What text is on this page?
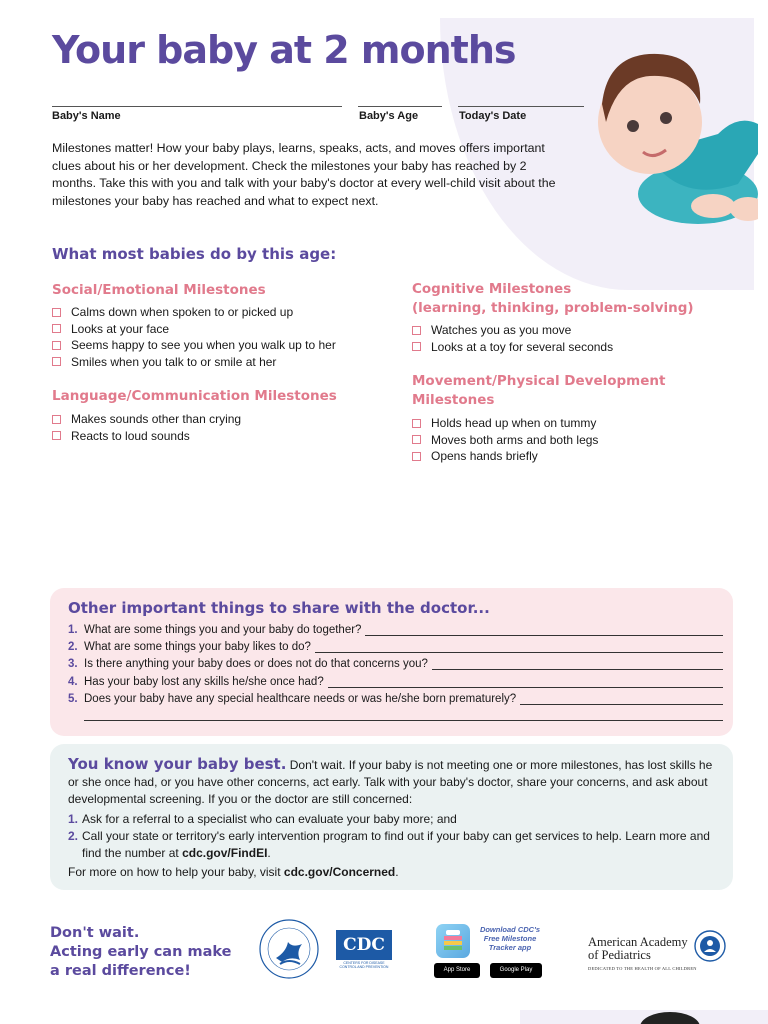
Your baby at 2 months
Baby's Name	Baby's Age	Today's Date

Milestones matter! How your baby plays, learns, speaks, acts, and moves offers important clues about his or her development. Check the milestones your baby has reached by 2 months. Take this with you and talk with your baby's doctor at every well-child visit about the milestones your baby has reached and what to expect next.

What most babies do by this age:
Social/Emotional Milestones
Calms down when spoken to or picked up
Looks at your face
Seems happy to see you when you walk up to her
Smiles when you talk to or smile at her
Language/Communication Milestones
Makes sounds other than crying
Reacts to loud sounds
Cognitive Milestones
(learning, thinking, problem-solving)
Watches you as you move
Looks at a toy for several seconds
Movement/Physical Development
Milestones
Holds head up when on tummy
Moves both arms and both legs
Opens hands briefly
Other important things to share with the doctor...
1. What are some things you and your baby do together?
2. What are some things your baby likes to do?
3. Is there anything your baby does or does not do that concerns you?
4. Has your baby lost any skills he/she once had?
5. Does your baby have any special healthcare needs or was he/she born prematurely?

You know your baby best. Don't wait. If your baby is not meeting one or more milestones, has lost skills he or she once had, or you have other concerns, act early. Talk with your baby's doctor, share your concerns, and ask about developmental screening. If you or the doctor are still concerned:

1. Ask for a referral to a specialist who can evaluate your baby more; and
2. Call your state or territory's early intervention program to find out if your baby can get services to help. Learn more and find the number at cdc.gov/FindEI.

For more on how to help your baby, visit cdc.gov/Concerned.

Don't wait.
Acting early can make
a real difference!
CDC
CENTERS FOR DISEASE CONTROL AND PREVENTION
Download CDC's Free Milestone Tracker app
App Store	Google Play
American Academy
of Pediatrics
DEDICATED TO THE HEALTH OF ALL CHILDREN
